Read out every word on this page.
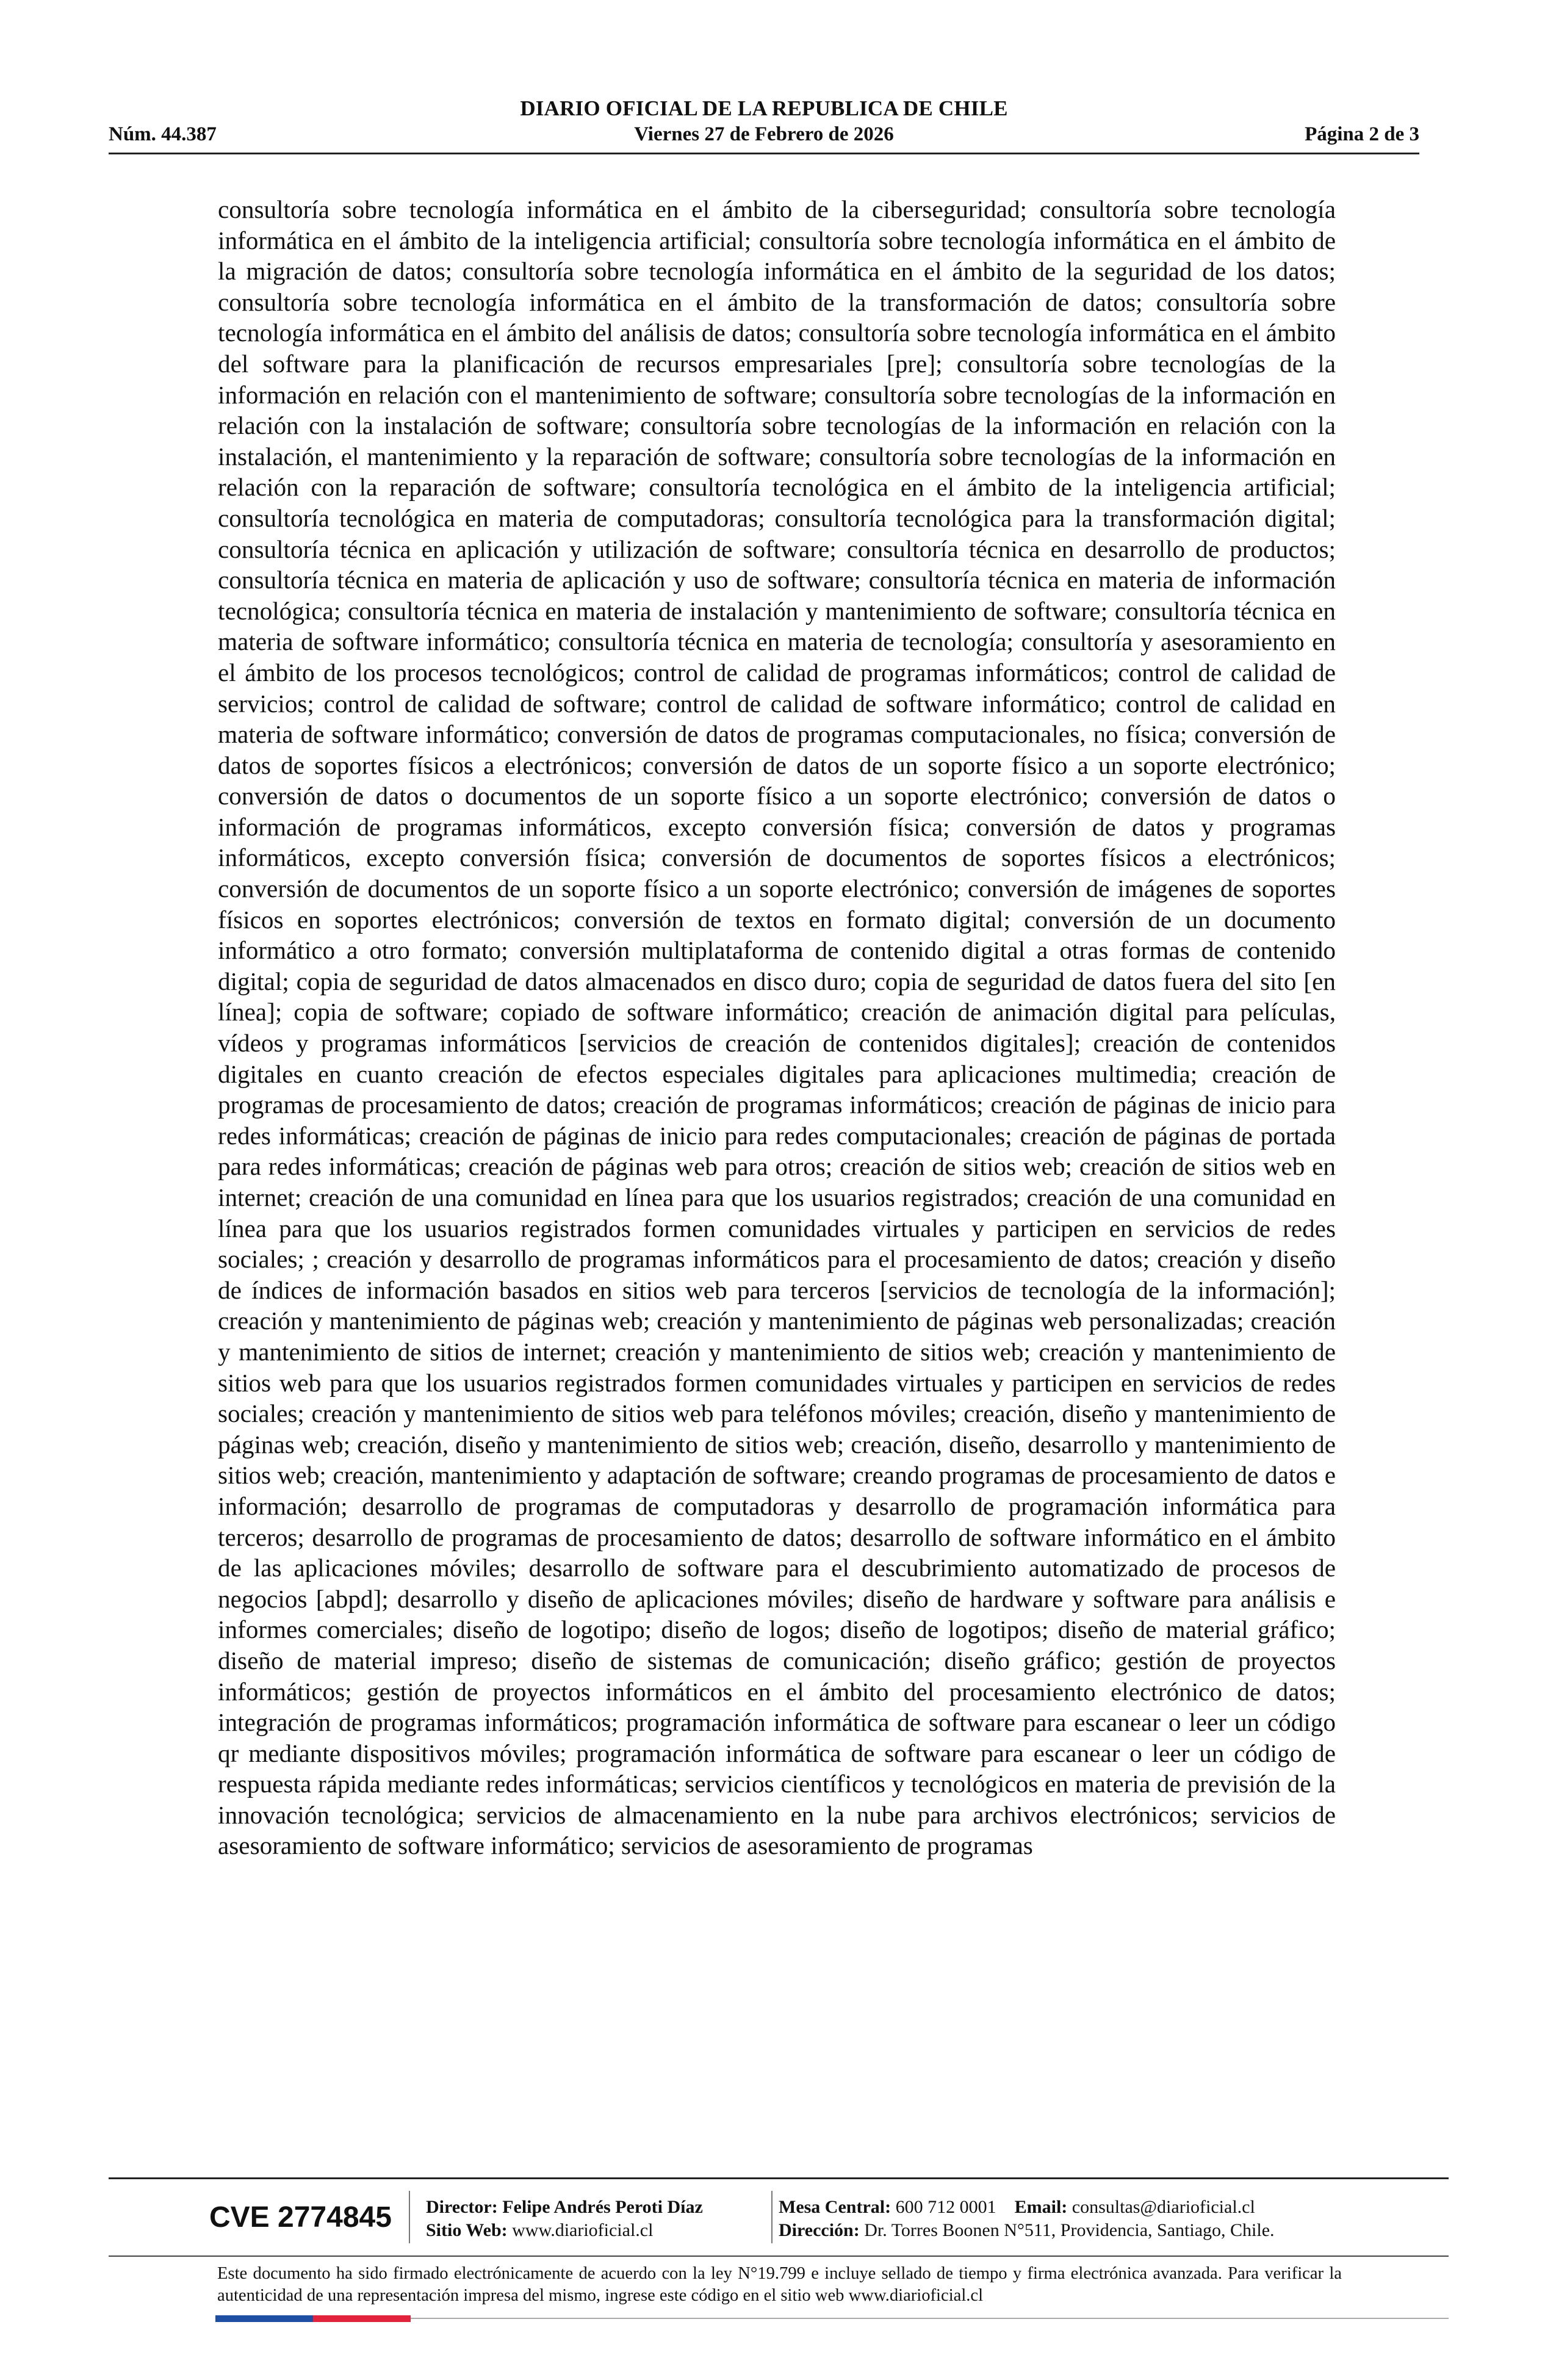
DIARIO OFICIAL DE LA REPUBLICA DE CHILE
Núm. 44.387	Viernes 27 de Febrero de 2026	Página 2 de 3

consultoría sobre tecnología informática en el ámbito de la ciberseguridad; consultoría sobre tecnología informática en el ámbito de la inteligencia artificial; consultoría sobre tecnología informática en el ámbito de la migración de datos; consultoría sobre tecnología informática en el ámbito de la seguridad de los datos; consultoría sobre tecnología informática en el ámbito de la transformación de datos; consultoría sobre tecnología informática en el ámbito del análisis de datos; consultoría sobre tecnología informática en el ámbito del software para la planificación de recursos empresariales [pre]; consultoría sobre tecnologías de la información en relación con el mantenimiento de software; consultoría sobre tecnologías de la información en relación con la instalación de software; consultoría sobre tecnologías de la información en relación con la instalación, el mantenimiento y la reparación de software; consultoría sobre tecnologías de la información en relación con la reparación de software; consultoría tecnológica en el ámbito de la inteligencia artificial; consultoría tecnológica en materia de computadoras; consultoría tecnológica para la transformación digital; consultoría técnica en aplicación y utilización de software; consultoría técnica en desarrollo de productos; consultoría técnica en materia de aplicación y uso de software; consultoría técnica en materia de información tecnológica; consultoría técnica en materia de instalación y mantenimiento de software; consultoría técnica en materia de software informático; consultoría técnica en materia de tecnología; consultoría y asesoramiento en el ámbito de los procesos tecnológicos; control de calidad de programas informáticos; control de calidad de servicios; control de calidad de software; control de calidad de software informático; control de calidad en materia de software informático; conversión de datos de programas computacionales, no física; conversión de datos de soportes físicos a electrónicos; conversión de datos de un soporte físico a un soporte electrónico; conversión de datos o documentos de un soporte físico a un soporte electrónico; conversión de datos o información de programas informáticos, excepto conversión física; conversión de datos y programas informáticos, excepto conversión física; conversión de documentos de soportes físicos a electrónicos; conversión de documentos de un soporte físico a un soporte electrónico; conversión de imágenes de soportes físicos en soportes electrónicos; conversión de textos en formato digital; conversión de un documento informático a otro formato; conversión multiplataforma de contenido digital a otras formas de contenido digital; copia de seguridad de datos almacenados en disco duro; copia de seguridad de datos fuera del sito [en línea]; copia de software; copiado de software informático; creación de animación digital para películas, vídeos y programas informáticos [servicios de creación de contenidos digitales]; creación de contenidos digitales en cuanto creación de efectos especiales digitales para aplicaciones multimedia; creación de programas de procesamiento de datos; creación de programas informáticos; creación de páginas de inicio para redes informáticas; creación de páginas de inicio para redes computacionales; creación de páginas de portada para redes informáticas; creación de páginas web para otros; creación de sitios web; creación de sitios web en internet; creación de una comunidad en línea para que los usuarios registrados; creación de una comunidad en línea para que los usuarios registrados formen comunidades virtuales y participen en servicios de redes sociales; ; creación y desarrollo de programas informáticos para el procesamiento de datos; creación y diseño de índices de información basados en sitios web para terceros [servicios de tecnología de la información]; creación y mantenimiento de páginas web; creación y mantenimiento de páginas web personalizadas; creación y mantenimiento de sitios de internet; creación y mantenimiento de sitios web; creación y mantenimiento de sitios web para que los usuarios registrados formen comunidades virtuales y participen en servicios de redes sociales; creación y mantenimiento de sitios web para teléfonos móviles; creación, diseño y mantenimiento de páginas web; creación, diseño y mantenimiento de sitios web; creación, diseño, desarrollo y mantenimiento de sitios web; creación, mantenimiento y adaptación de software; creando programas de procesamiento de datos e información; desarrollo de programas de computadoras y desarrollo de programación informática para terceros; desarrollo de programas de procesamiento de datos; desarrollo de software informático en el ámbito de las aplicaciones móviles; desarrollo de software para el descubrimiento automatizado de procesos de negocios [abpd]; desarrollo y diseño de aplicaciones móviles; diseño de hardware y software para análisis e informes comerciales; diseño de logotipo; diseño de logos; diseño de logotipos; diseño de material gráfico; diseño de material impreso; diseño de sistemas de comunicación; diseño gráfico; gestión de proyectos informáticos; gestión de proyectos informáticos en el ámbito del procesamiento electrónico de datos; integración de programas informáticos; programación informática de software para escanear o leer un código qr mediante dispositivos móviles; programación informática de software para escanear o leer un código de respuesta rápida mediante redes informáticas; servicios científicos y tecnológicos en materia de previsión de la innovación tecnológica; servicios de almacenamiento en la nube para archivos electrónicos; servicios de asesoramiento de software informático; servicios de asesoramiento de programas

CVE 2774845 Director: Felipe Andrés Peroti Díaz
Sitio Web: www.diarioficial.cl
Mesa Central: 600 712 0001 Email: consultas@diarioficial.cl
Dirección: Dr. Torres Boonen N°511, Providencia, Santiago, Chile.

Este documento ha sido firmado electrónicamente de acuerdo con la ley N°19.799 e incluye sellado de tiempo y firma electrónica avanzada. Para verificar la autenticidad de una representación impresa del mismo, ingrese este código en el sitio web www.diarioficial.cl
